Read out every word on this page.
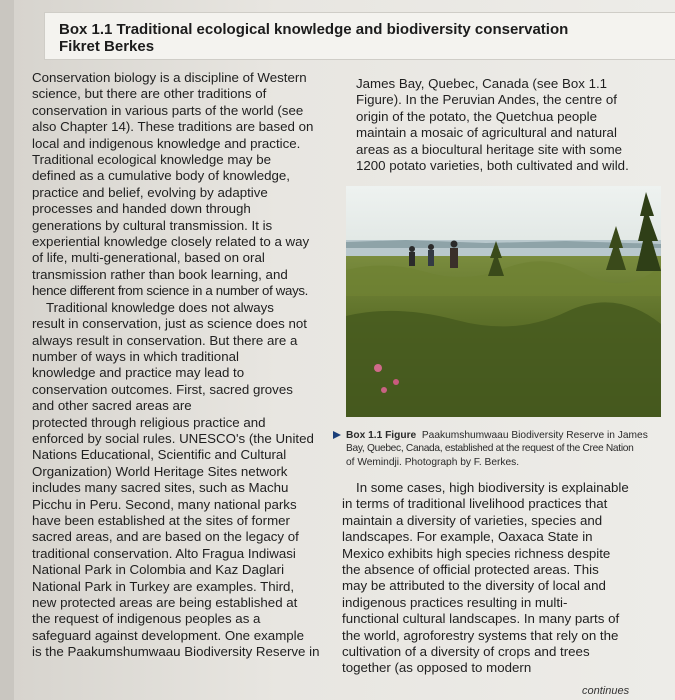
Box 1.1 Traditional ecological knowledge and biodiversity conservation
Fikret Berkes
Conservation biology is a discipline of Western
science, but there are other traditions of
conservation in various parts of the world (see
also Chapter 14). These traditions are based on
local and indigenous knowledge and practice.
Traditional ecological knowledge may be
defined as a cumulative body of knowledge,
practice and belief, evolving by adaptive
processes and handed down through
generations by cultural transmission. It is
experiential knowledge closely related to a way
of life, multi-generational, based on oral
transmission rather than book learning, and
hence different from science in a number of ways.
Traditional knowledge does not always
result in conservation, just as science does not
always result in conservation. But there are a
number of ways in which traditional
knowledge and practice may lead to
conservation outcomes. First, sacred groves
and other sacred areas are
protected through religious practice and
enforced by social rules. UNESCO's (the United
Nations Educational, Scientific and Cultural
Organization) World Heritage Sites network
includes many sacred sites, such as Machu
Picchu in Peru. Second, many national parks
have been established at the sites of former
sacred areas, and are based on the legacy of
traditional conservation. Alto Fragua Indiwasi
National Park in Colombia and Kaz Daglari
National Park in Turkey are examples. Third,
new protected areas are being established at
the request of indigenous peoples as a
safeguard against development. One example
is the Paakumshumwaau Biodiversity Reserve in
James Bay, Quebec, Canada (see Box 1.1
Figure). In the Peruvian Andes, the centre of
origin of the potato, the Quetchua people
maintain a mosaic of agricultural and natural
areas as a biocultural heritage site with some
1200 potato varieties, both cultivated and wild.
Box 1.1 Figure Paakumshumwaau Biodiversity Reserve in James
Bay, Quebec, Canada, established at the request of the Cree Nation
of Wemindji. Photograph by F. Berkes.
In some cases, high biodiversity is explainable
in terms of traditional livelihood practices that
maintain a diversity of varieties, species and
landscapes. For example, Oaxaca State in
Mexico exhibits high species richness despite
the absence of official protected areas. This
may be attributed to the diversity of local and
indigenous practices resulting in multi-
functional cultural landscapes. In many parts of
the world, agroforestry systems that rely on the
cultivation of a diversity of crops and trees
together (as opposed to modern
continues
